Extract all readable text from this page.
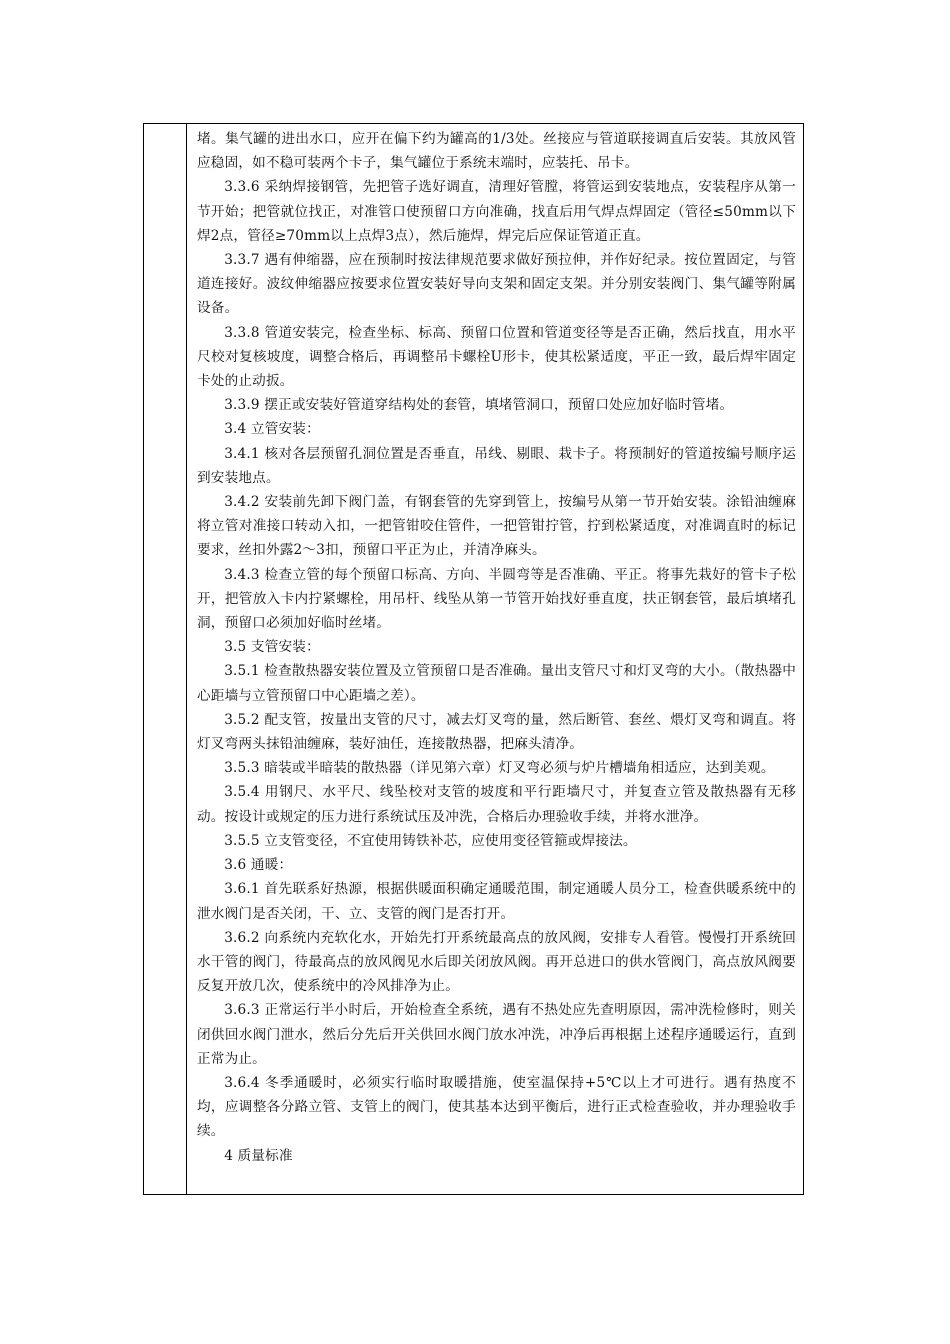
堵。集气罐的进出水口，应开在偏下约为罐高的1/3处。丝接应与管道联接调直后安装。其放风管应稳固，如不稳可装两个卡子，集气罐位于系统末端时，应装托、吊卡。

3.3.6 采纳焊接钢管，先把管子选好调直，清理好管膛，将管运到安装地点，安装程序从第一节开始；把管就位找正，对准管口使预留口方向准确，找直后用气焊点焊固定（管径≤50mm以下焊2点，管径≥70mm以上点焊3点），然后施焊，焊完后应保证管道正直。

3.3.7 遇有伸缩器，应在预制时按法律规范要求做好预拉伸，并作好纪录。按位置固定，与管道连接好。波纹伸缩器应按要求位置安装好导向支架和固定支架。并分别安装阀门、集气罐等附属设备。

3.3.8 管道安装完，检查坐标、标高、预留口位置和管道变径等是否正确，然后找直，用水平尺校对复核坡度，调整合格后，再调整吊卡螺栓U形卡，使其松紧适度，平正一致，最后焊牢固定卡处的止动扳。

3.3.9 摆正或安装好管道穿结构处的套管，填堵管洞口，预留口处应加好临时管堵。

3.4 立管安装：

3.4.1 核对各层预留孔洞位置是否垂直，吊线、剔眼、栽卡子。将预制好的管道按编号顺序运到安装地点。

3.4.2 安装前先卸下阀门盖，有钢套管的先穿到管上，按编号从第一节开始安装。涂铅油缠麻将立管对准接口转动入扣，一把管钳咬住管件，一把管钳拧管，拧到松紧适度，对准调直时的标记要求，丝扣外露2～3扣，预留口平正为止，并清净麻头。

3.4.3 检查立管的每个预留口标高、方向、半圆弯等是否准确、平正。将事先栽好的管卡子松开，把管放入卡内拧紧螺栓，用吊杆、线坠从第一节管开始找好垂直度，扶正钢套管，最后填堵孔洞，预留口必须加好临时丝堵。

3.5 支管安装：

3.5.1 检查散热器安装位置及立管预留口是否准确。量出支管尺寸和灯叉弯的大小。（散热器中心距墙与立管预留口中心距墙之差）。

3.5.2 配支管，按量出支管的尺寸，减去灯叉弯的量，然后断管、套丝、煨灯叉弯和调直。将灯叉弯两头抹铅油缠麻，装好油任，连接散热器，把麻头清净。

3.5.3 暗装或半暗装的散热器（详见第六章）灯叉弯必须与炉片槽墙角相适应，达到美观。

3.5.4 用钢尺、水平尺、线坠校对支管的坡度和平行距墙尺寸，并复查立管及散热器有无移动。按设计或规定的压力进行系统试压及冲洗，合格后办理验收手续，并将水泄净。

3.5.5 立支管变径，不宜使用铸铁补芯，应使用变径管箍或焊接法。

3.6 通暖：

3.6.1 首先联系好热源，根据供暖面积确定通暖范围，制定通暖人员分工，检查供暖系统中的泄水阀门是否关闭，干、立、支管的阀门是否打开。

3.6.2 向系统内充软化水，开始先打开系统最高点的放风阀，安排专人看管。慢慢打开系统回水干管的阀门，待最高点的放风阀见水后即关闭放风阀。再开总进口的供水管阀门，高点放风阀要反复开放几次，使系统中的冷风排净为止。

3.6.3 正常运行半小时后，开始检查全系统，遇有不热处应先查明原因，需冲洗检修时，则关闭供回水阀门泄水，然后分先后开关供回水阀门放水冲洗，冲净后再根据上述程序通暖运行，直到正常为止。

3.6.4 冬季通暖时，必须实行临时取暖措施，使室温保持+5℃以上才可进行。遇有热度不均，应调整各分路立管、支管上的阀门，使其基本达到平衡后，进行正式检查验收，并办理验收手续。

4 质量标准
